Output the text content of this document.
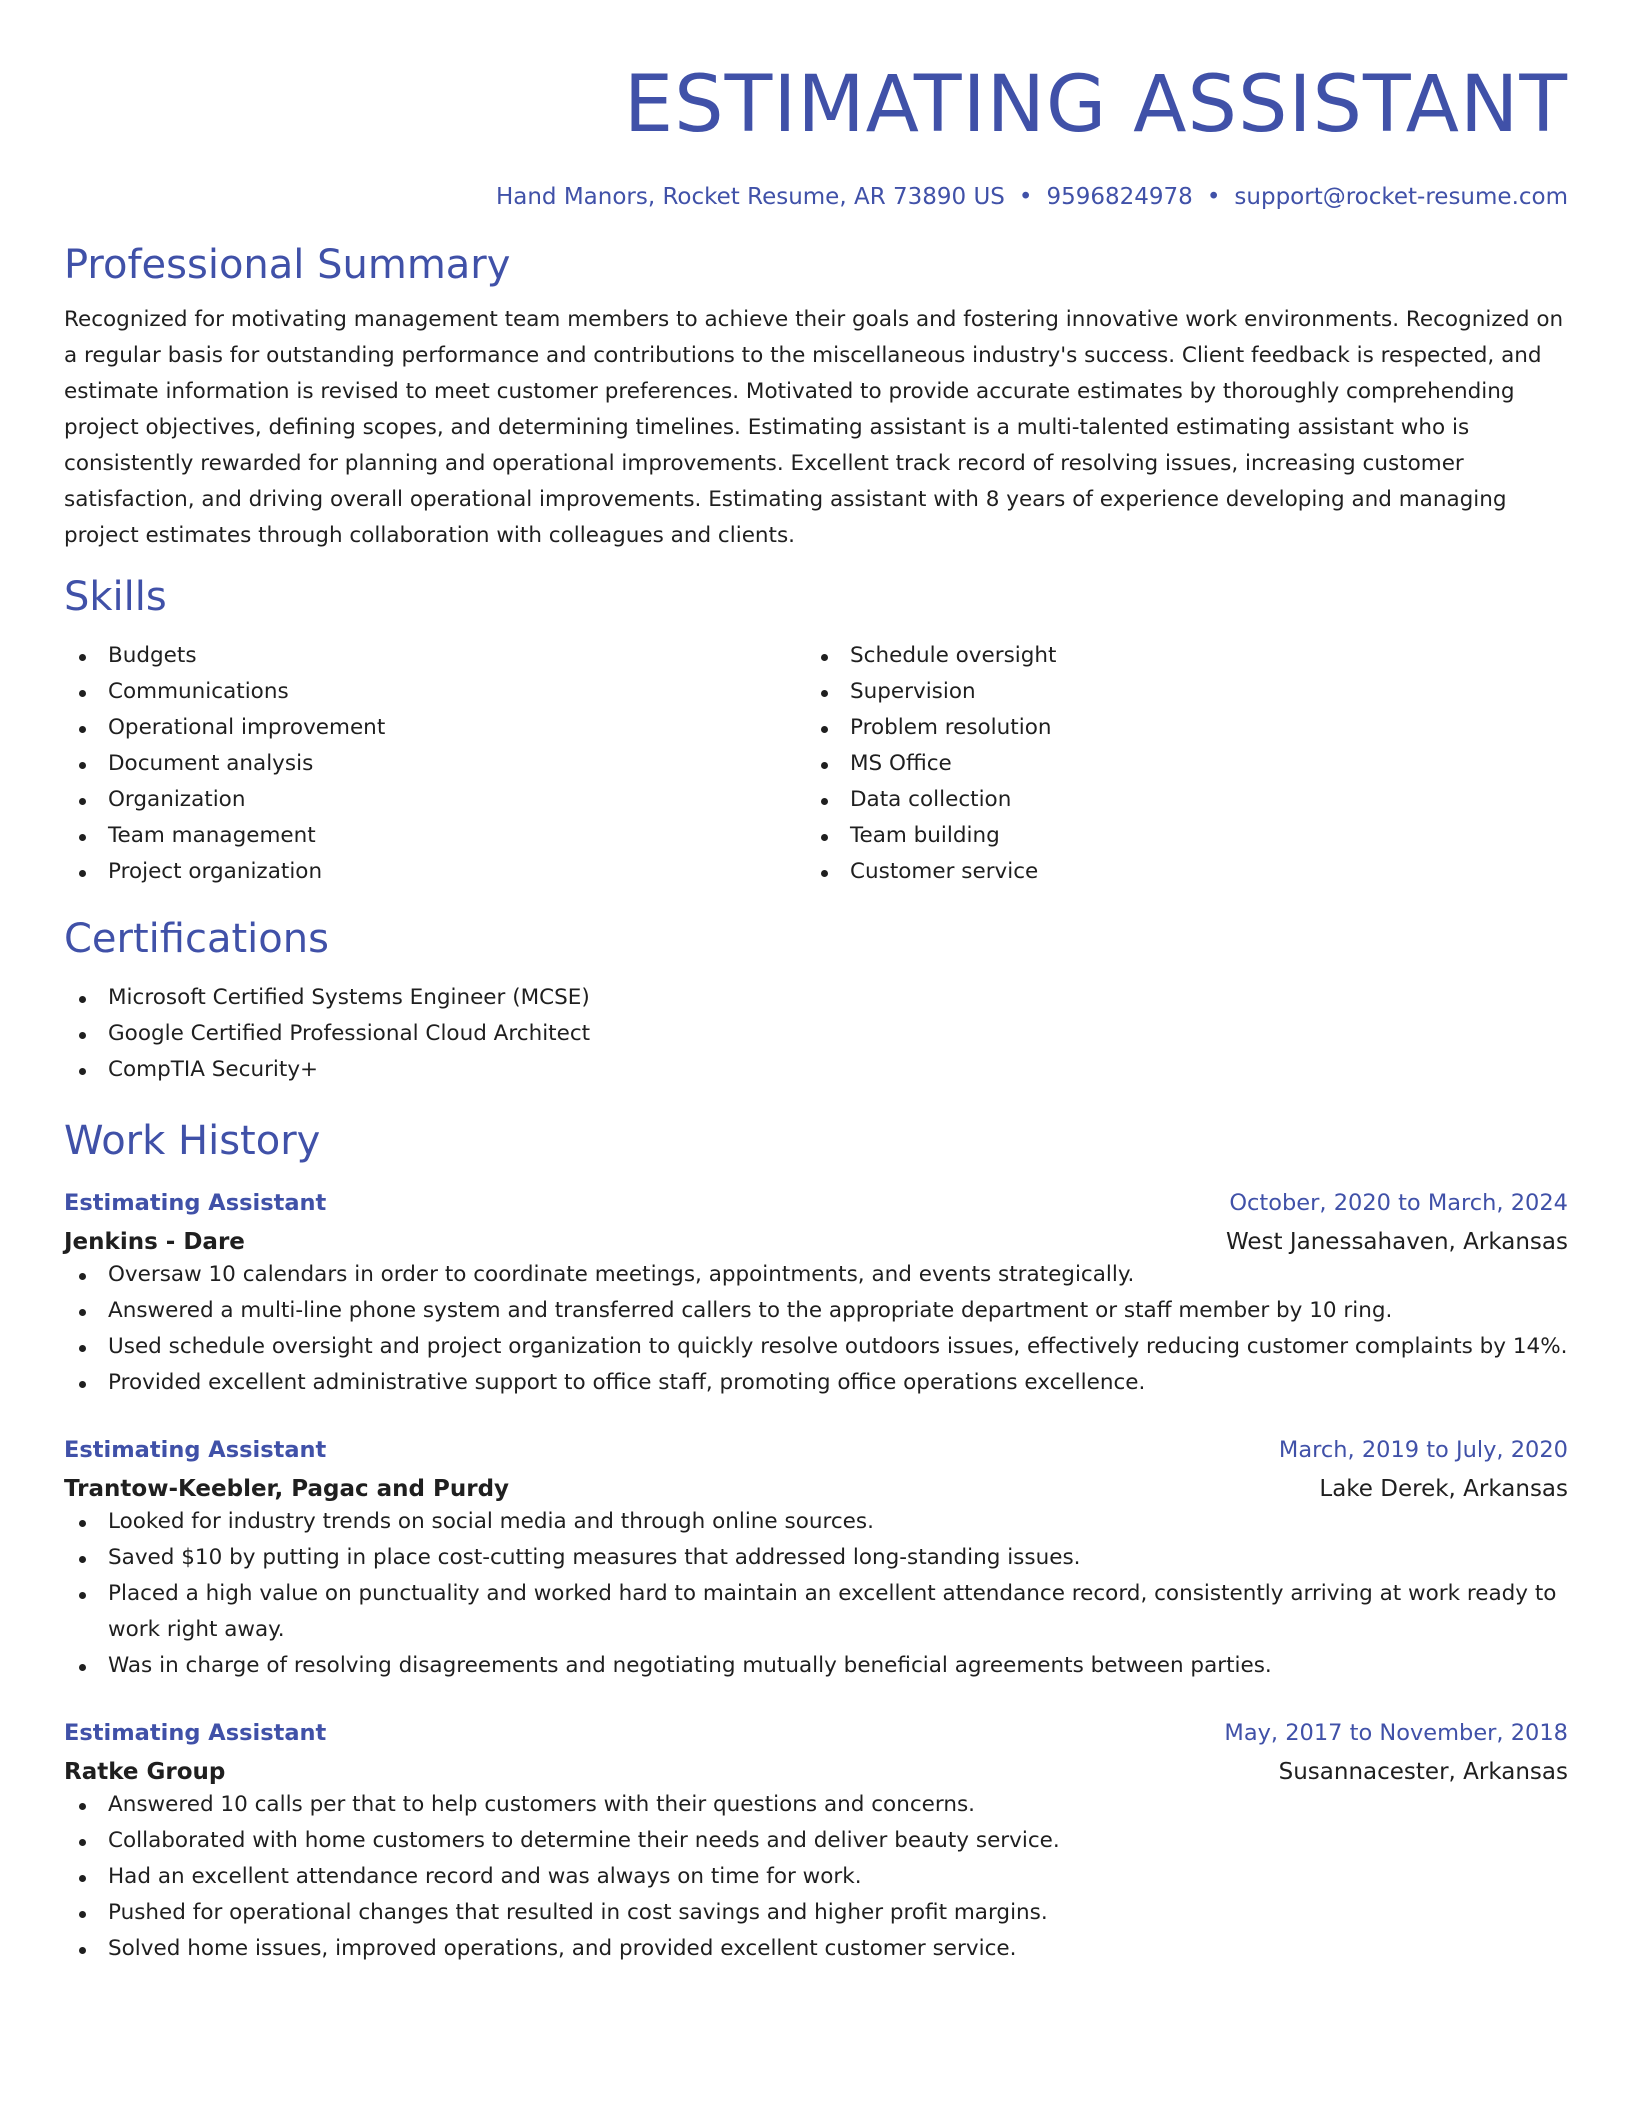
ESTIMATING ASSISTANT
Hand Manors, Rocket Resume, AR 73890 US • 9596824978 • support@rocket-resume.com
Professional Summary

Recognized for motivating management team members to achieve their goals and fostering innovative work environments. Recognized on a regular basis for outstanding performance and contributions to the miscellaneous industry's success. Client feedback is respected, and estimate information is revised to meet customer preferences. Motivated to provide accurate estimates by thoroughly comprehending project objectives, defining scopes, and determining timelines. Estimating assistant is a multi-talented estimating assistant who is consistently rewarded for planning and operational improvements. Excellent track record of resolving issues, increasing customer satisfaction, and driving overall operational improvements. Estimating assistant with 8 years of experience developing and managing project estimates through collaboration with colleagues and clients.

Skills
Budgets
Communications
Operational improvement
Document analysis
Organization
Team management
Project organization
Schedule oversight
Supervision
Problem resolution
MS Office
Data collection
Team building
Customer service
Certifications
Microsoft Certified Systems Engineer (MCSE)
Google Certified Professional Cloud Architect
CompTIA Security+
Work History
Estimating Assistant	October, 2020 to March, 2024
Jenkins - Dare	West Janessahaven, Arkansas
Oversaw 10 calendars in order to coordinate meetings, appointments, and events strategically.
Answered a multi-line phone system and transferred callers to the appropriate department or staff member by 10 ring.
Used schedule oversight and project organization to quickly resolve outdoors issues, effectively reducing customer complaints by 14%.
Provided excellent administrative support to office staff, promoting office operations excellence.
Estimating Assistant	March, 2019 to July, 2020
Trantow-Keebler, Pagac and Purdy	Lake Derek, Arkansas
Looked for industry trends on social media and through online sources.
Saved $10 by putting in place cost-cutting measures that addressed long-standing issues.
Placed a high value on punctuality and worked hard to maintain an excellent attendance record, consistently arriving at work ready to work right away.
Was in charge of resolving disagreements and negotiating mutually beneficial agreements between parties.
Estimating Assistant	May, 2017 to November, 2018
Ratke Group	Susannacester, Arkansas
Answered 10 calls per that to help customers with their questions and concerns.
Collaborated with home customers to determine their needs and deliver beauty service.
Had an excellent attendance record and was always on time for work.
Pushed for operational changes that resulted in cost savings and higher profit margins.
Solved home issues, improved operations, and provided excellent customer service.
